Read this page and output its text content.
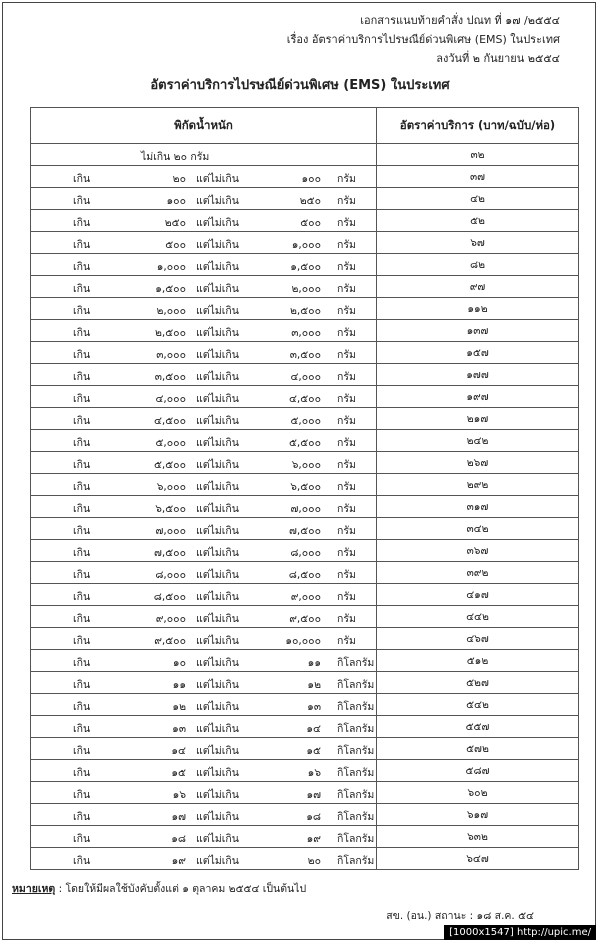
เอกสารแนบท้ายคำสั่ง ปณท ที่ ๑๗ /๒๕๕๔
เรื่อง อัตราค่าบริการไปรษณีย์ด่วนพิเศษ (EMS) ในประเทศ
ลงวันที่ ๒ กันยายน ๒๕๕๔
อัตราค่าบริการไปรษณีย์ด่วนพิเศษ (EMS) ในประเทศ
พิกัดน้ำหนัก	อัตราค่าบริการ (บาท/ฉบับ/ห่อ)

ไม่เกิน ๒๐ กรัม	๓๒

เกิน ๒๐ แต่ไม่เกิน ๑๐๐ กรัม	๓๗

เกิน ๑๐๐ แต่ไม่เกิน ๒๕๐ กรัม	๔๒

เกิน ๒๕๐ แต่ไม่เกิน ๕๐๐ กรัม	๕๒

เกิน ๕๐๐ แต่ไม่เกิน ๑,๐๐๐ กรัม	๖๗

เกิน ๑,๐๐๐ แต่ไม่เกิน ๑,๕๐๐ กรัม	๘๒

เกิน ๑,๕๐๐ แต่ไม่เกิน ๒,๐๐๐ กรัม	๙๗

เกิน ๒,๐๐๐ แต่ไม่เกิน ๒,๕๐๐ กรัม	๑๑๒

เกิน ๒,๕๐๐ แต่ไม่เกิน ๓,๐๐๐ กรัม	๑๓๗

เกิน ๓,๐๐๐ แต่ไม่เกิน ๓,๕๐๐ กรัม	๑๕๗

เกิน ๓,๕๐๐ แต่ไม่เกิน ๔,๐๐๐ กรัม	๑๗๗

เกิน ๔,๐๐๐ แต่ไม่เกิน ๔,๕๐๐ กรัม	๑๙๗

เกิน ๔,๕๐๐ แต่ไม่เกิน ๕,๐๐๐ กรัม	๒๑๗

เกิน ๕,๐๐๐ แต่ไม่เกิน ๕,๕๐๐ กรัม	๒๔๒

เกิน ๕,๕๐๐ แต่ไม่เกิน ๖,๐๐๐ กรัม	๒๖๗

เกิน ๖,๐๐๐ แต่ไม่เกิน ๖,๕๐๐ กรัม	๒๙๒

เกิน ๖,๕๐๐ แต่ไม่เกิน ๗,๐๐๐ กรัม	๓๑๗

เกิน ๗,๐๐๐ แต่ไม่เกิน ๗,๕๐๐ กรัม	๓๔๒

เกิน ๗,๕๐๐ แต่ไม่เกิน ๘,๐๐๐ กรัม	๓๖๗

เกิน ๘,๐๐๐ แต่ไม่เกิน ๘,๕๐๐ กรัม	๓๙๒

เกิน ๘,๕๐๐ แต่ไม่เกิน ๙,๐๐๐ กรัม	๔๑๗

เกิน ๙,๐๐๐ แต่ไม่เกิน ๙,๕๐๐ กรัม	๔๔๒

เกิน ๙,๕๐๐ แต่ไม่เกิน ๑๐,๐๐๐ กรัม	๔๖๗

เกิน ๑๐ แต่ไม่เกิน ๑๑ กิโลกรัม	๕๑๒

เกิน ๑๑ แต่ไม่เกิน ๑๒ กิโลกรัม	๕๒๗

เกิน ๑๒ แต่ไม่เกิน ๑๓ กิโลกรัม	๕๔๒

เกิน ๑๓ แต่ไม่เกิน ๑๔ กิโลกรัม	๕๕๗

เกิน ๑๔ แต่ไม่เกิน ๑๕ กิโลกรัม	๕๗๒

เกิน ๑๕ แต่ไม่เกิน ๑๖ กิโลกรัม	๕๘๗

เกิน ๑๖ แต่ไม่เกิน ๑๗ กิโลกรัม	๖๐๒

เกิน ๑๗ แต่ไม่เกิน ๑๘ กิโลกรัม	๖๑๗

เกิน ๑๘ แต่ไม่เกิน ๑๙ กิโลกรัม	๖๓๒

เกิน ๑๙ แต่ไม่เกิน ๒๐ กิโลกรัม	๖๔๗
หมายเหตุ : โดยให้มีผลใช้บังคับตั้งแต่ ๑ ตุลาคม ๒๕๕๔ เป็นต้นไป
สข. (อน.) สถานะ : ๑๘ ส.ค. ๕๔
[1000x1547] http://upic.me/
